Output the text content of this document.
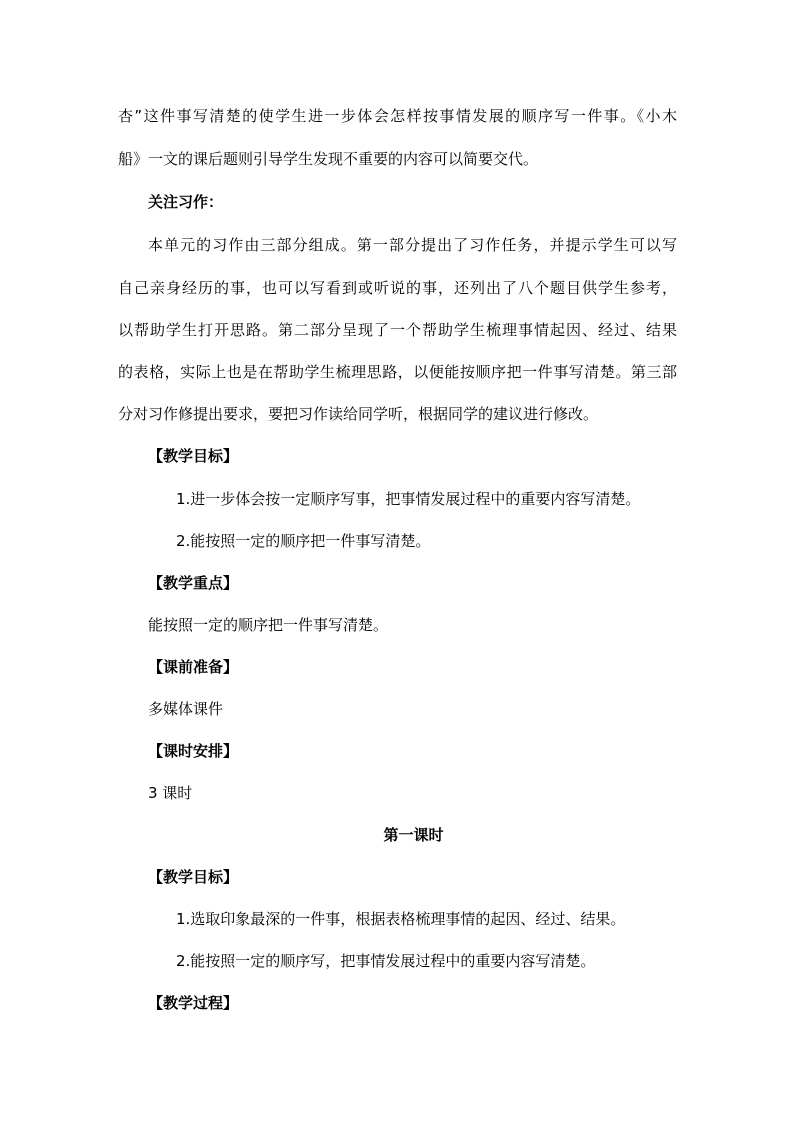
杏”这件事写清楚的使学生进一步体会怎样按事情发展的顺序写一件事。《小木
船》一文的课后题则引导学生发现不重要的内容可以简要交代。
关注习作：
本单元的习作由三部分组成。第一部分提出了习作任务，并提示学生可以写
自己亲身经历的事，也可以写看到或听说的事，还列出了八个题目供学生参考，
以帮助学生打开思路。第二部分呈现了一个帮助学生梳理事情起因、经过、结果
的表格，实际上也是在帮助学生梳理思路，以便能按顺序把一件事写清楚。第三部
分对习作修提出要求，要把习作读给同学听，根据同学的建议进行修改。
【教学目标】
1.进一步体会按一定顺序写事，把事情发展过程中的重要内容写清楚。
2.能按照一定的顺序把一件事写清楚。
【教学重点】
能按照一定的顺序把一件事写清楚。
【课前准备】
多媒体课件
【课时安排】
3 课时
第一课时
【教学目标】
1.选取印象最深的一件事，根据表格梳理事情的起因、经过、结果。
2.能按照一定的顺序写，把事情发展过程中的重要内容写清楚。
【教学过程】
